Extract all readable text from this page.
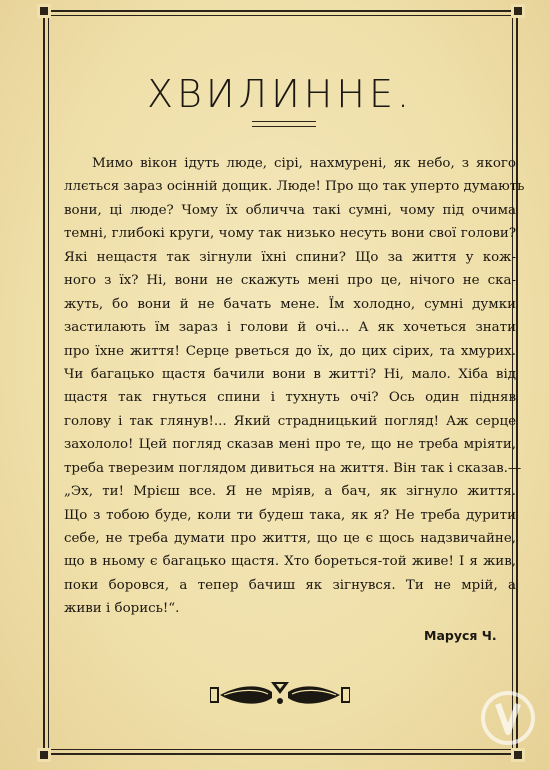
ХВИЛИННЕ.
Мимо вікон ідуть люде, сірі, нахмурені, як небо, з якого
ллється зараз осінній дощик. Люде! Про що так уперто думають
вони, ці люде? Чому їх обличча такі сумні, чому під очима
темні, глибокі круги, чому так низько несуть вони свої голови?
Які нещастя так зігнули їхні спини? Що за життя у кож-
ного з їх? Ні, вони не скажуть мені про це, нічого не ска-
жуть, бо вони й не бачать мене. Їм холодно, сумні думки
застилають їм зараз і голови й очі... А як хочеться знати
про їхне життя! Серце рветься до їх, до цих сірих, та хмурих.
Чи багацько щастя бачили вони в житті? Ні, мало. Хіба від
щастя так гнуться спини і тухнуть очі? Ось один підняв
голову і так глянув!... Який страдницький погляд! Аж серце
захололо! Цей погляд сказав мені про те, що не треба мріяти,
треба тверезим поглядом дивиться на життя. Він так і сказав.—
„Эх, ти! Мрієш все. Я не мріяв, а бач, як зігнуло життя.
Що з тобою буде, коли ти будеш така, як я? Не треба дурити
себе, не треба думати про життя, що це є щось надзвичайне,
що в ньому є багацько щастя. Хто бореться-той живе! І я жив,
поки боровся, а тепер бачиш як зігнувся. Ти не мрій, а
живи і борись!“.
Маруся Ч.
